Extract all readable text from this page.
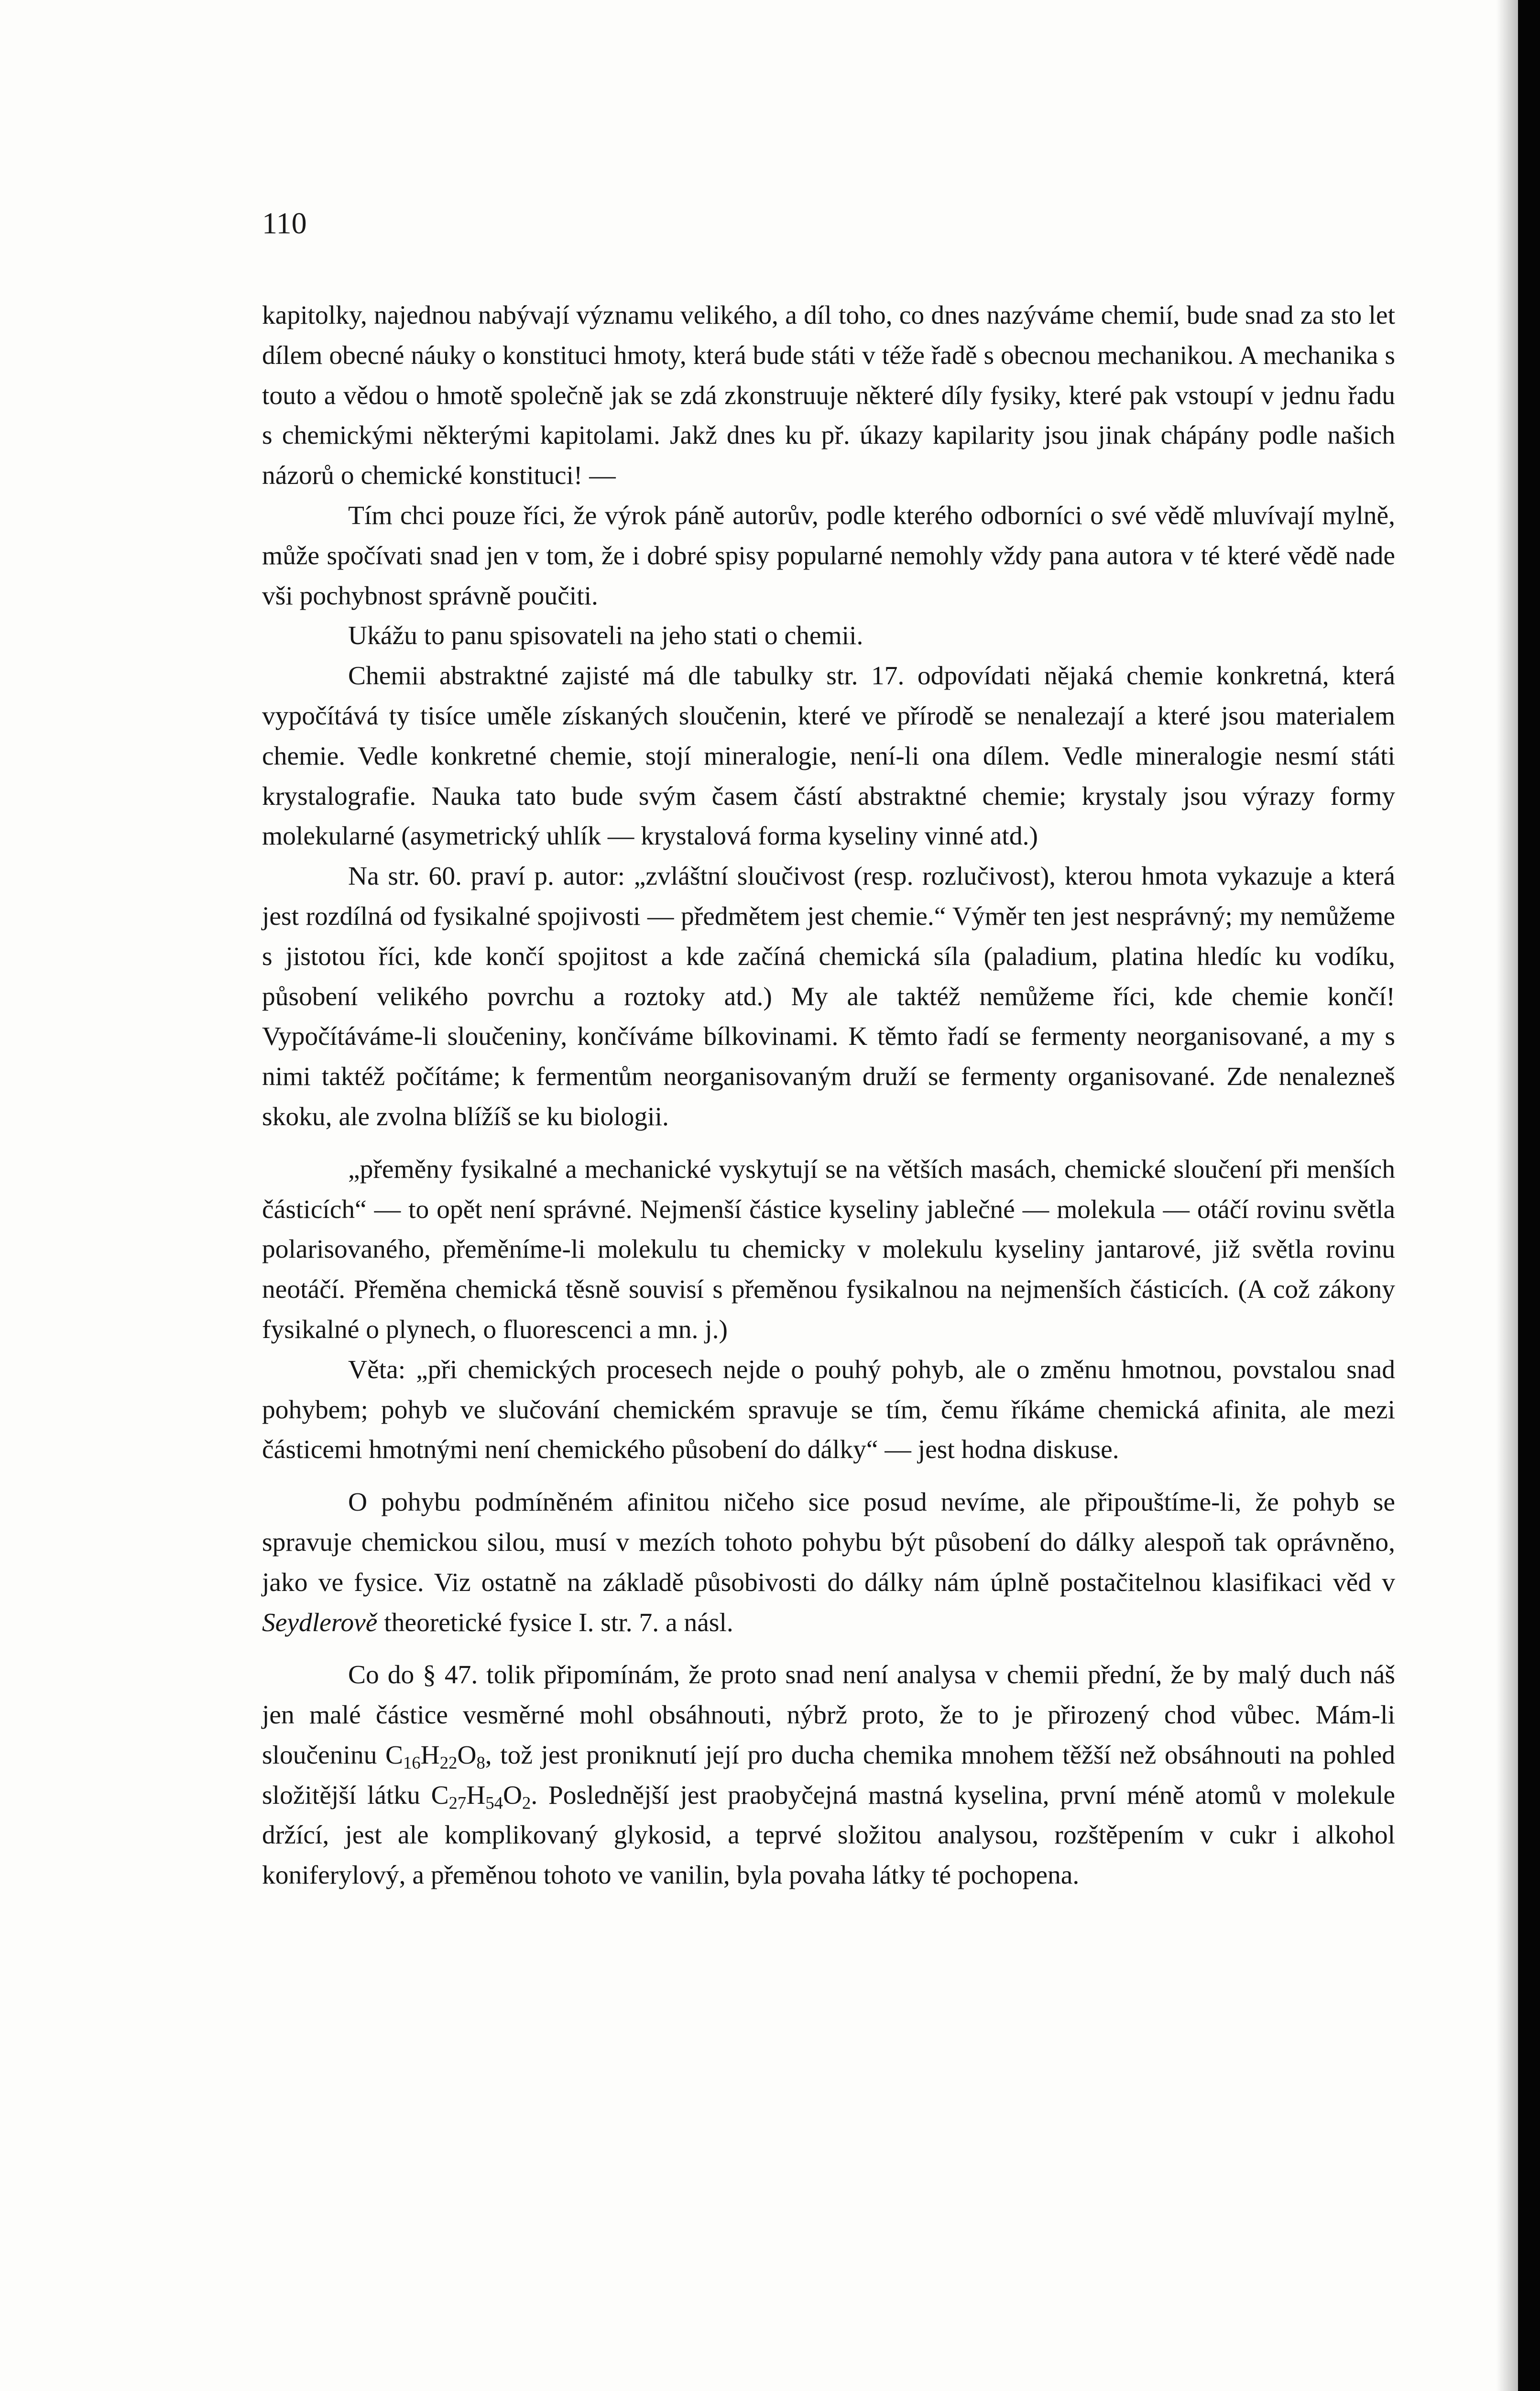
110

kapitolky, najednou nabývají významu velikého, a díl toho, co dnes nazýváme chemií, bude snad za sto let dílem obecné náuky o konstituci hmoty, která bude státi v téže řadě s obecnou mechanikou. A mechanika s touto a vědou o hmotě společně jak se zdá zkonstruuje některé díly fysiky, které pak vstoupí v jednu řadu s chemickými některými kapitolami. Jakž dnes ku př. úkazy kapilarity jsou jinak chápány podle našich názorů o chemické konstituci! —

Tím chci pouze říci, že výrok páně autorův, podle kterého odborníci o své vědě mluvívají mylně, může spočívati snad jen v tom, že i dobré spisy popularné nemohly vždy pana autora v té které vědě nade vši pochybnost správně poučiti.

Ukážu to panu spisovateli na jeho stati o chemii.

Chemii abstraktné zajisté má dle tabulky str. 17. odpovídati nějaká chemie konkretná, která vypočítává ty tisíce uměle získaných sloučenin, které ve přírodě se nenalezají a které jsou materialem chemie. Vedle konkretné chemie, stojí mineralogie, není-li ona dílem. Vedle mineralogie nesmí státi krystalografie. Nauka tato bude svým časem částí abstraktné chemie; krystaly jsou výrazy formy molekularné (asymetrický uhlík — krystalová forma kyseliny vinné atd.)

Na str. 60. praví p. autor: „zvláštní sloučivost (resp. rozlučivost), kterou hmota vykazuje a která jest rozdílná od fysikalné spojivosti — předmětem jest chemie.“ Výměr ten jest nesprávný; my nemůžeme s jistotou říci, kde končí spojitost a kde začíná chemická síla (paladium, platina hledíc ku vodíku, působení velikého povrchu a roztoky atd.) My ale taktéž nemůžeme říci, kde chemie končí! Vypočítáváme-li sloučeniny, končíváme bílkovinami. K těmto řadí se fermenty neorganisované, a my s nimi taktéž počítáme; k fermentům neorganisovaným druží se fermenty organisované. Zde nenalezneš skoku, ale zvolna blížíš se ku biologii.

„přeměny fysikalné a mechanické vyskytují se na větších masách, chemické sloučení při menších částicích“ — to opět není správné. Nejmenší částice kyseliny jablečné — molekula — otáčí rovinu světla polarisovaného, přeměníme-li molekulu tu chemicky v molekulu kyseliny jantarové, již světla rovinu neotáčí. Přeměna chemická těsně souvisí s přeměnou fysikalnou na nejmenších částicích. (A což zákony fysikalné o plynech, o fluorescenci a mn. j.)

Věta: „při chemických procesech nejde o pouhý pohyb, ale o změnu hmotnou, povstalou snad pohybem; pohyb ve slučování chemickém spravuje se tím, čemu říkáme chemická afinita, ale mezi částicemi hmotnými není chemického působení do dálky“ — jest hodna diskuse.

O pohybu podmíněném afinitou ničeho sice posud nevíme, ale připouštíme-li, že pohyb se spravuje chemickou silou, musí v mezích tohoto pohybu být působení do dálky alespoň tak oprávněno, jako ve fysice. Viz ostatně na základě působivosti do dálky nám úplně postačitelnou klasifikaci věd v Seydlerově theoretické fysice I. str. 7. a násl.

Co do § 47. tolik připomínám, že proto snad není analysa v chemii přední, že by malý duch náš jen malé částice vesměrné mohl obsáhnouti, nýbrž proto, že to je přirozený chod vůbec. Mám-li sloučeninu $C_{16}H_{22}O_8$, tož jest proniknutí její pro ducha chemika mnohem těžší než obsáhnouti na pohled složitější látku $C_{27}H_{54}O_2$. Poslednější jest praobyčejná mastná kyselina, první méně atomů v molekule držící, jest ale komplikovaný glykosid, a teprvé složitou analysou, rozštěpením v cukr i alkohol koniferylový, a přeměnou tohoto ve vanilin, byla povaha látky té pochopena.
